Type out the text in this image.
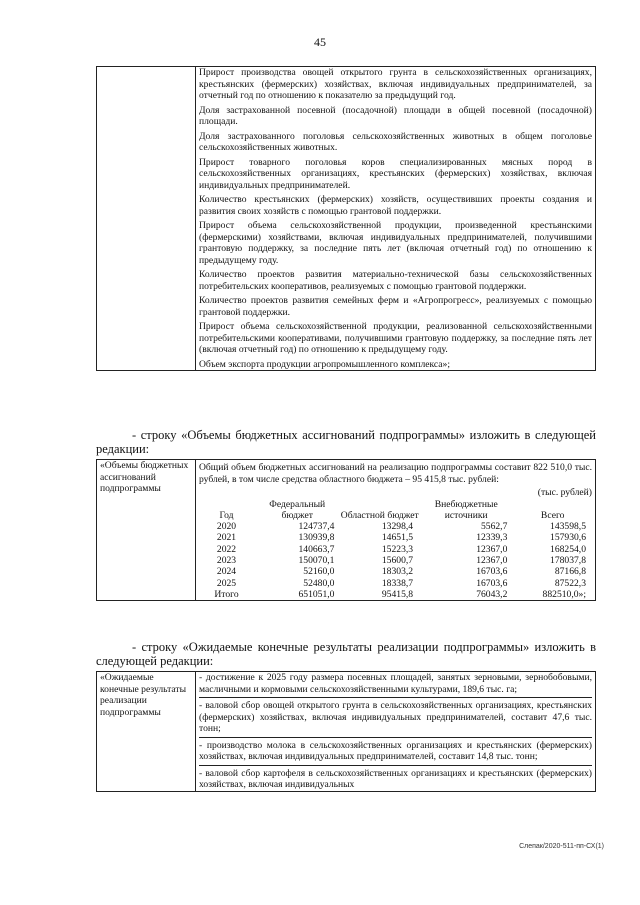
45

Прирост производства овощей открытого грунта в сельскохозяйственных организациях, крестьянских (фермерских) хозяйствах, включая индивидуальных предпринимателей, за отчетный год по отношению к показателю за предыдущий год.

Доля застрахованной посевной (посадочной) площади в общей посевной (посадочной) площади.

Доля застрахованного поголовья сельскохозяйственных животных в общем поголовье сельскохозяйственных животных.

Прирост товарного поголовья коров специализированных мясных пород в сельскохозяйственных организациях, крестьянских (фермерских) хозяйствах, включая индивидуальных предпринимателей.

Количество крестьянских (фермерских) хозяйств, осуществивших проекты создания и развития своих хозяйств с помощью грантовой поддержки.

Прирост объема сельскохозяйственной продукции, произведенной крестьянскими (фермерскими) хозяйствами, включая индивидуальных предпринимателей, получившими грантовую поддержку, за последние пять лет (включая отчетный год) по отношению к предыдущему году.

Количество проектов развития материально-технической базы сельскохозяйственных потребительских кооперативов, реализуемых с помощью грантовой поддержки.

Количество проектов развития семейных ферм и «Агропрогресс», реализуемых с помощью грантовой поддержки.

Прирост объема сельскохозяйственной продукции, реализованной сельскохозяйственными потребительскими кооперативами, получившими грантовую поддержку, за последние пять лет (включая отчетный год) по отношению к предыдущему году.

Объем экспорта продукции агропромышленного комплекса»;

- строку «Объемы бюджетных ассигнований подпрограммы» изложить в следующей редакции:
«Объемы бюджетных ассигнований подпрограммы	

Общий объем бюджетных ассигнований на реализацию подпрограммы составит 822 510,0 тыс. рублей, в том числе средства областного бюджета – 95 415,8 тыс. рублей:

(тыс. рублей)

Год	Федеральный бюджет	Областной бюджет	Внебюджетные источники	Всего
2020	124737,4	13298,4	5562,7	143598,5
2021	130939,8	14651,5	12339,3	157930,6
2022	140663,7	15223,3	12367,0	168254,0
2023	150070,1	15600,7	12367,0	178037,8
2024	52160,0	18303,2	16703,6	87166,8
2025	52480,0	18338,7	16703,6	87522,3
Итого	651051,0	95415,8	76043,2	882510,0»;
- строку «Ожидаемые конечные результаты реализации подпрограммы» изложить в следующей редакции:
«Ожидаемые конечные результаты реализации подпрограммы	

- достижение к 2025 году размера посевных площадей, занятых зерновыми, зернобобовыми, масличными и кормовыми сельскохозяйственными культурами, 189,6 тыс. га;

- валовой сбор овощей открытого грунта в сельскохозяйственных организациях, крестьянских (фермерских) хозяйствах, включая индивидуальных предпринимателей, составит 47,6 тыс. тонн;

- производство молока в сельскохозяйственных организациях и крестьянских (фермерских) хозяйствах, включая индивидуальных предпринимателей, составит 14,8 тыс. тонн;

- валовой сбор картофеля в сельскохозяйственных организациях и крестьянских (фермерских) хозяйствах, включая индивидуальных

Слепак/2020-511-пп-СХ(1)
